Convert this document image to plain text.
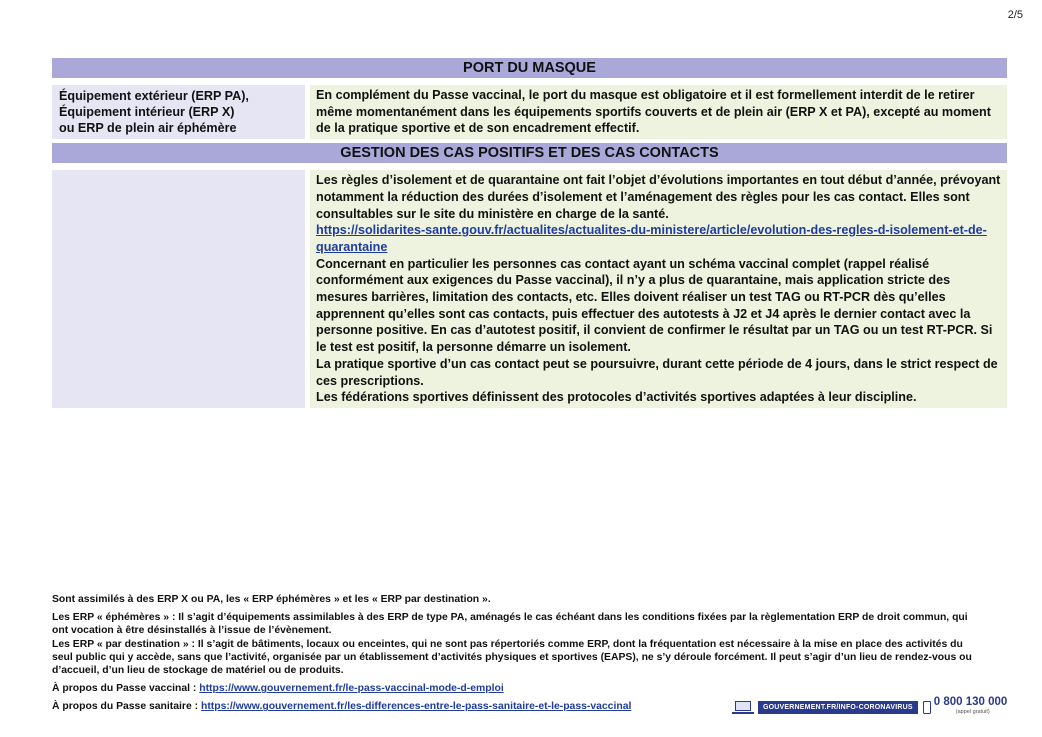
2/5
PORT DU MASQUE
Équipement extérieur (ERP PA),
Équipement intérieur (ERP X)
ou ERP de plein air éphémère

En complément du Passe vaccinal, le port du masque est obligatoire et il est formellement interdit de le retirer même momentanément dans les équipements sportifs couverts et de plein air (ERP X et PA), excepté au moment de la pratique sportive et de son encadrement effectif.

GESTION DES CAS POSITIFS ET DES CAS CONTACTS

Les règles d’isolement et de quarantaine ont fait l’objet d’évolutions importantes en tout début d’année, prévoyant notamment la réduction des durées d’isolement et l’aménagement des règles pour les cas contact. Elles sont consultables sur le site du ministère en charge de la santé.

https://solidarites-sante.gouv.fr/actualites/actualites-du-ministere/article/evolution-des-regles-d-isolement-et-de-quarantaine

Concernant en particulier les personnes cas contact ayant un schéma vaccinal complet (rappel réalisé conformément aux exigences du Passe vaccinal), il n’y a plus de quarantaine, mais application stricte des mesures barrières, limitation des contacts, etc. Elles doivent réaliser un test TAG ou RT-PCR dès qu’elles apprennent qu’elles sont cas contacts, puis effectuer des autotests à J2 et J4 après le dernier contact avec la personne positive. En cas d’autotest positif, il convient de confirmer le résultat par un TAG ou un test RT-PCR. Si le test est positif, la personne démarre un isolement.

La pratique sportive d’un cas contact peut se poursuivre, durant cette période de 4 jours, dans le strict respect de ces prescriptions.

Les fédérations sportives définissent des protocoles d’activités sportives adaptées à leur discipline.

Sont assimilés à des ERP X ou PA, les « ERP éphémères » et les « ERP par destination ».

Les ERP « éphémères » : Il s’agit d’équipements assimilables à des ERP de type PA, aménagés le cas échéant dans les conditions fixées par la règlementation ERP de droit commun, qui ont vocation à être désinstallés à l’issue de l’évènement.

Les ERP « par destination » : Il s’agit de bâtiments, locaux ou enceintes, qui ne sont pas répertoriés comme ERP, dont la fréquentation est nécessaire à la mise en place des activités du seul public qui y accède, sans que l’activité, organisée par un établissement d’activités physiques et sportives (EAPS), ne s’y déroule forcément. Il peut s’agir d’un lieu de rendez-vous ou d’accueil, d’un lieu de stockage de matériel ou de produits.

À propos du Passe vaccinal : https://www.gouvernement.fr/le-pass-vaccinal-mode-d-emploi

À propos du Passe sanitaire : https://www.gouvernement.fr/les-differences-entre-le-pass-sanitaire-et-le-pass-vaccinal	GOUVERNEMENT.FR/INFO-CORONAVIRUS	0 800 130 000
(appel gratuit)
